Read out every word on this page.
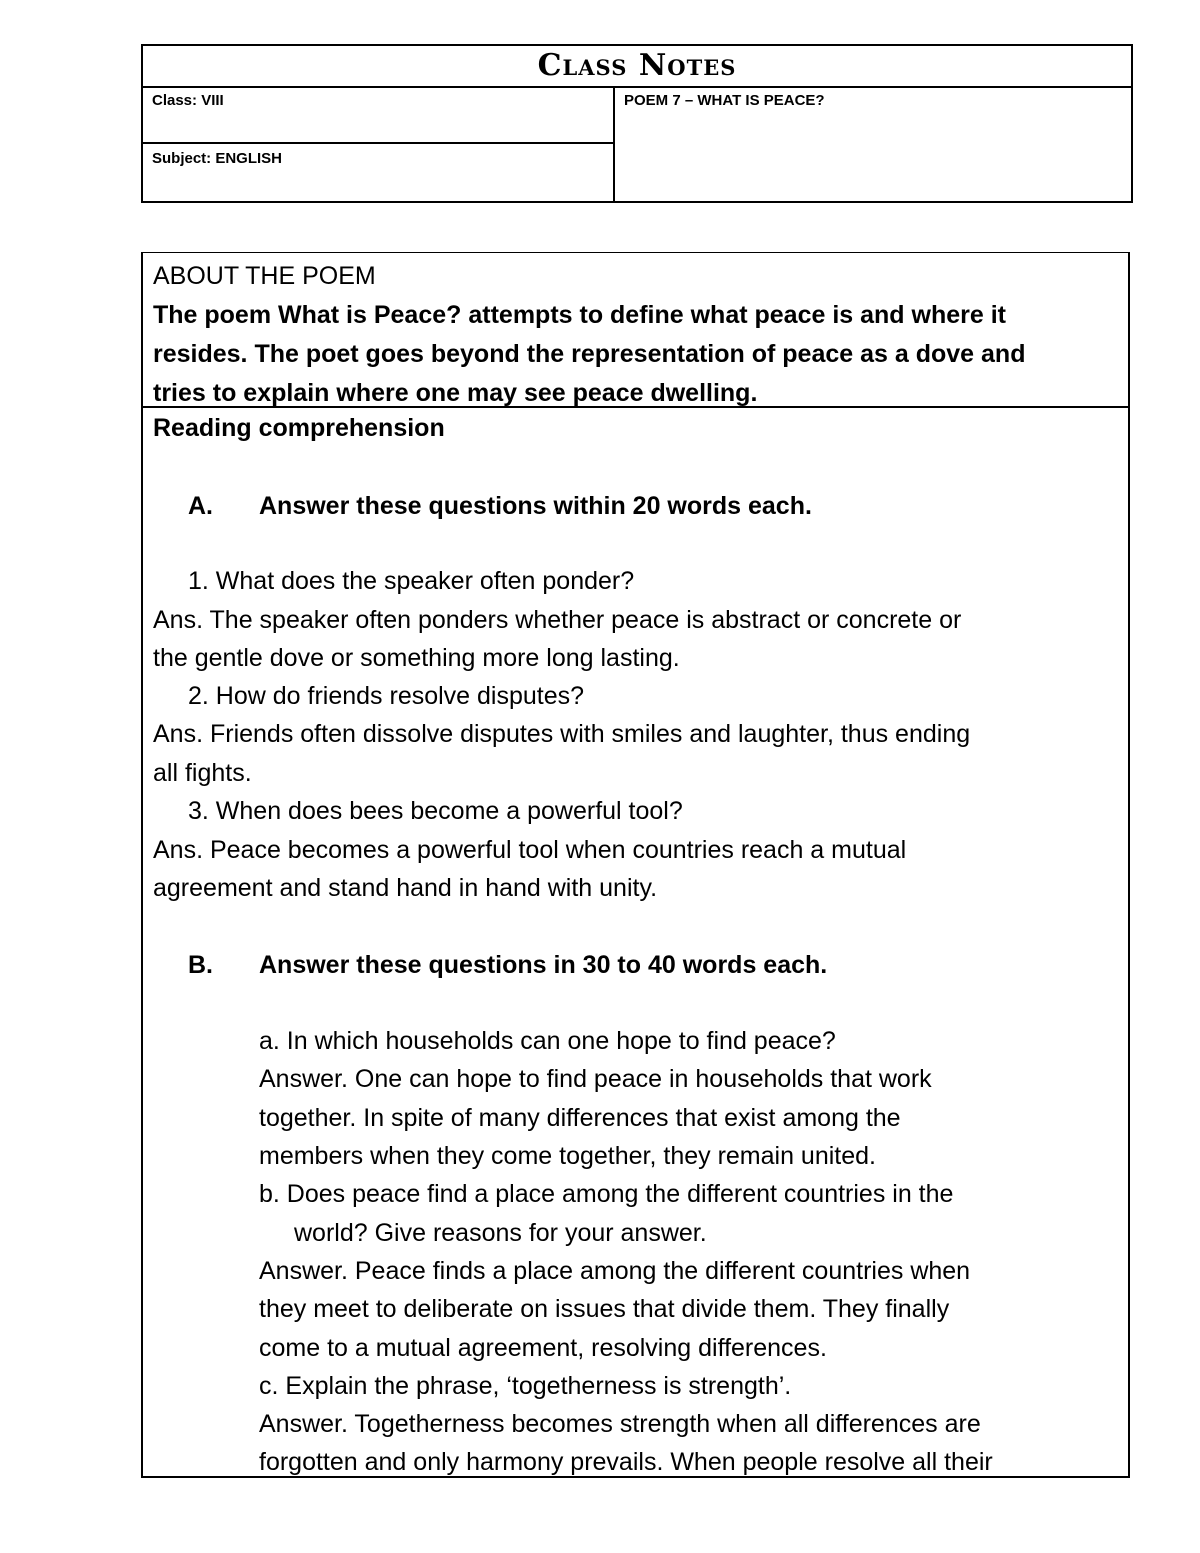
Class Notes
Class: VIII
Subject: ENGLISH
POEM 7 – WHAT IS PEACE?
ABOUT THE POEM
The poem What is Peace? attempts to define what peace is and where it
resides. The poet goes beyond the representation of peace as a dove and
tries to explain where one may see peace dwelling.
Reading comprehension
A. Answer these questions within 20 words each.
1. What does the speaker often ponder?
Ans. The speaker often ponders whether peace is abstract or concrete or
the gentle dove or something more long lasting.
2. How do friends resolve disputes?
Ans. Friends often dissolve disputes with smiles and laughter, thus ending
all fights.
3. When does bees become a powerful tool?
Ans. Peace becomes a powerful tool when countries reach a mutual
agreement and stand hand in hand with unity.
B. Answer these questions in 30 to 40 words each.
a. In which households can one hope to find peace?
Answer. One can hope to find peace in households that work
together. In spite of many differences that exist among the
members when they come together, they remain united.
b. Does peace find a place among the different countries in the
world? Give reasons for your answer.
Answer. Peace finds a place among the different countries when
they meet to deliberate on issues that divide them. They finally
come to a mutual agreement, resolving differences.
c. Explain the phrase, ‘togetherness is strength’.
Answer. Togetherness becomes strength when all differences are
forgotten and only harmony prevails. When people resolve all their
